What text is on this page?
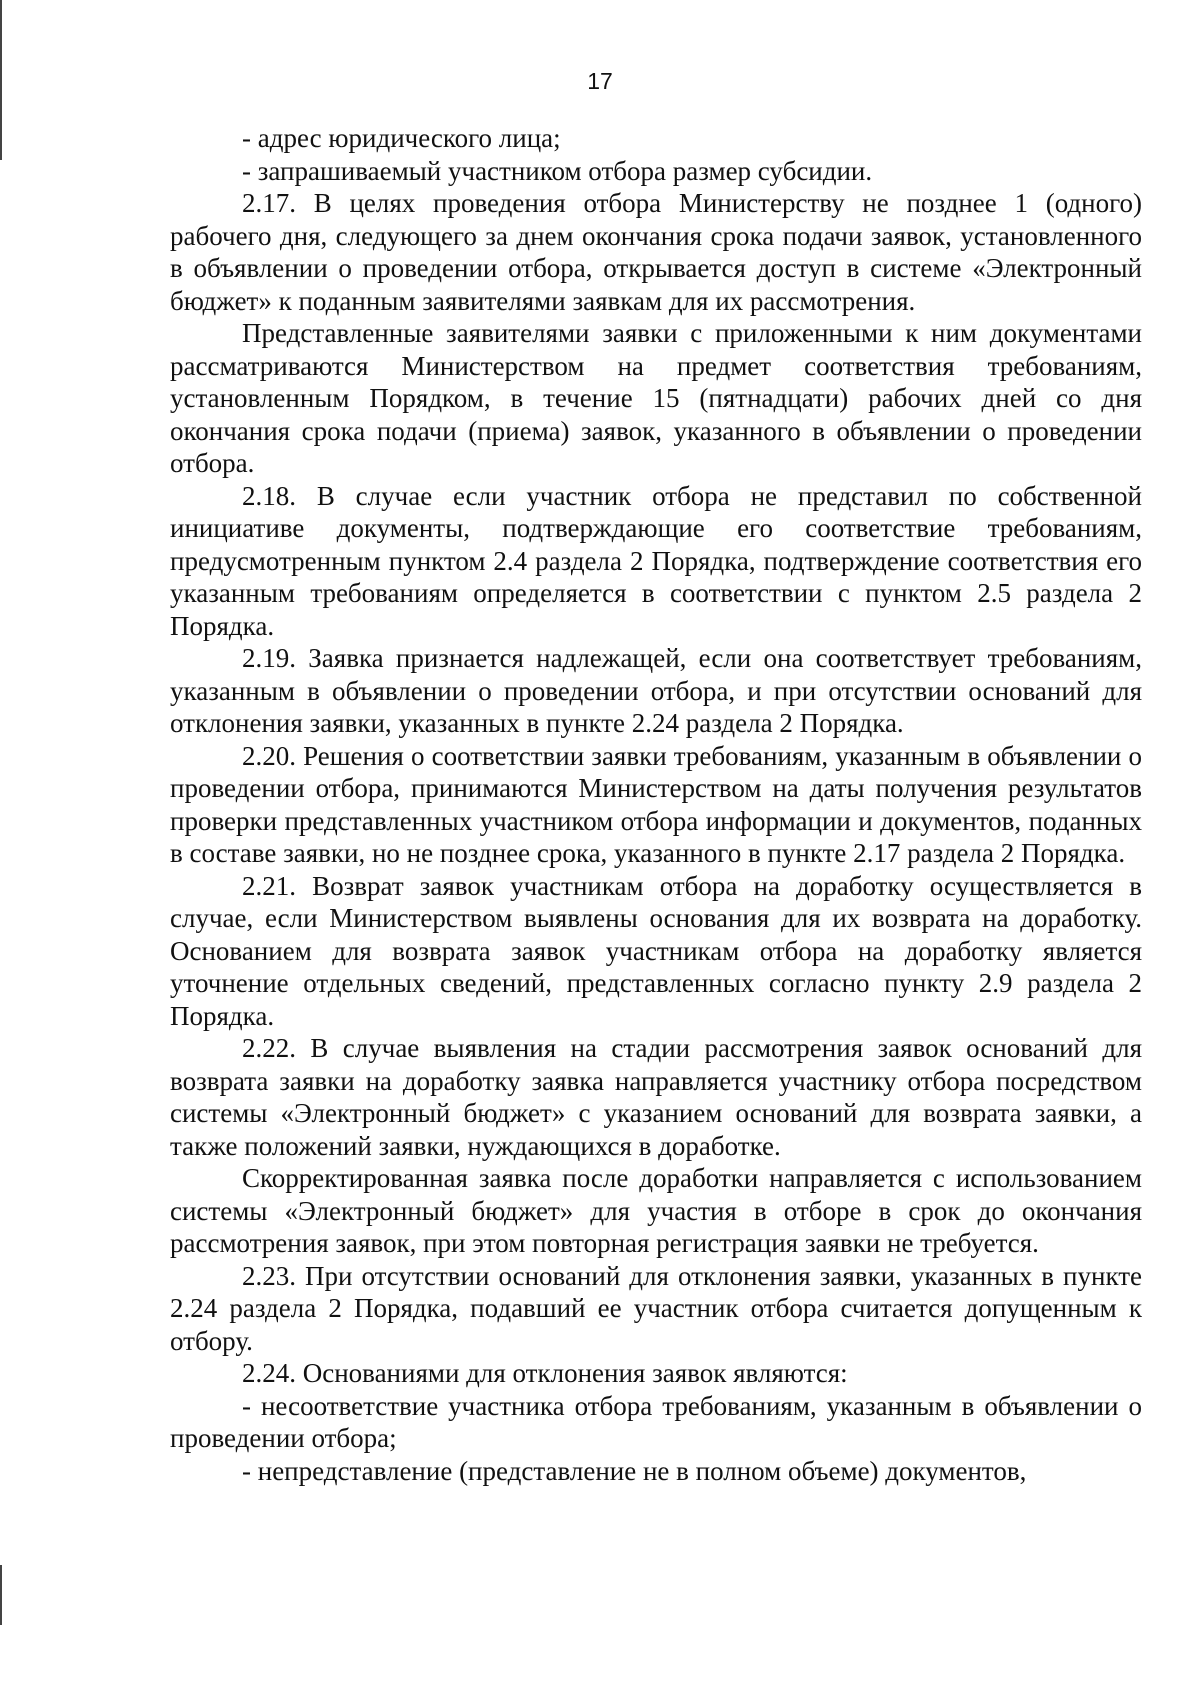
17

- адрес юридического лица;

- запрашиваемый участником отбора размер субсидии.

2.17. В целях проведения отбора Министерству не позднее 1 (одного) рабочего дня, следующего за днем окончания срока подачи заявок, установленного в объявлении о проведении отбора, открывается доступ в системе «Электронный бюджет» к поданным заявителями заявкам для их рассмотрения.

Представленные заявителями заявки с приложенными к ним документами рассматриваются Министерством на предмет соответствия требованиям, установленным Порядком, в течение 15 (пятнадцати) рабочих дней со дня окончания срока подачи (приема) заявок, указанного в объявлении о проведении отбора.

2.18. В случае если участник отбора не представил по собственной инициативе документы, подтверждающие его соответствие требованиям, предусмотренным пунктом 2.4 раздела 2 Порядка, подтверждение соответствия его указанным требованиям определяется в соответствии с пунктом 2.5 раздела 2 Порядка.

2.19. Заявка признается надлежащей, если она соответствует требованиям, указанным в объявлении о проведении отбора, и при отсутствии оснований для отклонения заявки, указанных в пункте 2.24 раздела 2 Порядка.

2.20. Решения о соответствии заявки требованиям, указанным в объявлении о проведении отбора, принимаются Министерством на даты получения результатов проверки представленных участником отбора информации и документов, поданных в составе заявки, но не позднее срока, указанного в пункте 2.17 раздела 2 Порядка.

2.21. Возврат заявок участникам отбора на доработку осуществляется в случае, если Министерством выявлены основания для их возврата на доработку. Основанием для возврата заявок участникам отбора на доработку является уточнение отдельных сведений, представленных согласно пункту 2.9 раздела 2 Порядка.

2.22. В случае выявления на стадии рассмотрения заявок оснований для возврата заявки на доработку заявка направляется участнику отбора посредством системы «Электронный бюджет» с указанием оснований для возврата заявки, а также положений заявки, нуждающихся в доработке.

Скорректированная заявка после доработки направляется с использованием системы «Электронный бюджет» для участия в отборе в срок до окончания рассмотрения заявок, при этом повторная регистрация заявки не требуется.

2.23. При отсутствии оснований для отклонения заявки, указанных в пункте 2.24 раздела 2 Порядка, подавший ее участник отбора считается допущенным к отбору.

2.24. Основаниями для отклонения заявок являются:

- несоответствие участника отбора требованиям, указанным в объявлении о проведении отбора;

- непредставление (представление не в полном объеме) документов,
